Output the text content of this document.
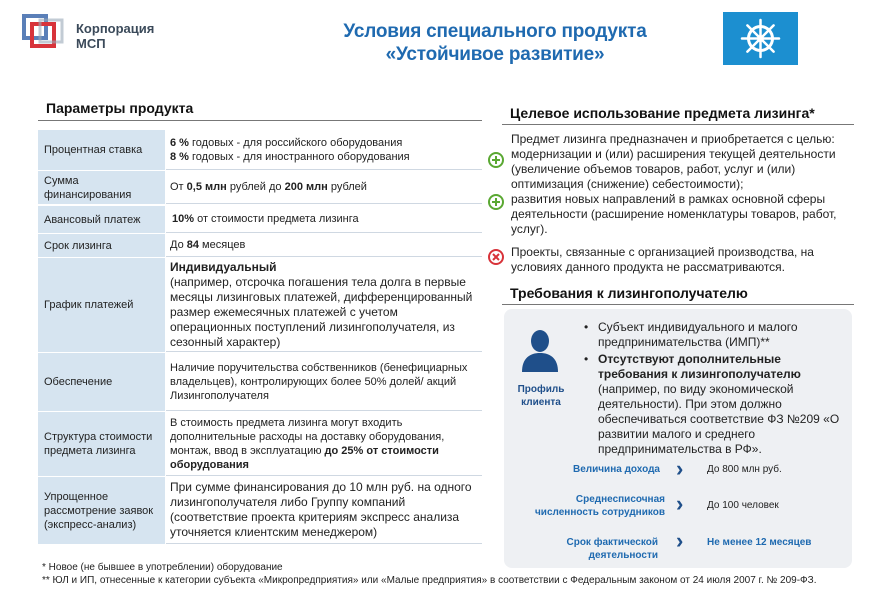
Корпорация
МСП
Условия специального продукта
«Устойчивое развитие»
Параметры продукта
Процентная ставка
6 % годовых - для российского оборудования
8 % годовых - для иностранного оборудования
Сумма финансирования
От 0,5 млн рублей до 200 млн рублей
Авансовый платеж	10% от стоимости предмета лизинга
Срок лизинга	До 84 месяцев
График платежей
Индивидуальный
(например, отсрочка погашения тела долга в первые месяцы лизинговых платежей, дифференцированный размер ежемесячных платежей с учетом операционных поступлений лизингополучателя, из сезонный характер)
Обеспечение
Наличие поручительства собственников (бенефициарных владельцев), контролирующих более 50% долей/ акций Лизингополучателя
Структура стоимости предмета лизинга
В стоимость предмета лизинга могут входить дополнительные расходы на доставку оборудования, монтаж, ввод в эксплуатацию до 25% от стоимости оборудования
Упрощенное рассмотрение заявок (экспресс-анализ)
При сумме финансирования до 10 млн руб. на одного лизингополучателя либо Группу компаний (соответствие проекта критериям экспресс анализа уточняется клиентским менеджером)
Целевое использование предмета лизинга*
Предмет лизинга предназначен и приобретается с целью:
модернизации и (или) расширения текущей деятельности (увеличение объемов товаров, работ, услуг и (или) оптимизация (снижение) себестоимости);
развития новых направлений в рамках основной сферы деятельности (расширение номенклатуры товаров, работ, услуг).
Проекты, связанные с организацией производства, на условиях данного продукта не рассматриваются.
Требования к лизингополучателю
Профиль клиента
• Субъект индивидуального и малого предпринимательства (ИМП)**
• Отсутствуют дополнительные требования к лизингополучателю (например, по виду экономической деятельности). При этом должно обеспечиваться соответствие ФЗ №209 «О развитии малого и среднего предпринимательства в РФ».
Величина дохода › До 800 млн руб.
Среднесписочная численность сотрудников › До 100 человек
Срок фактической деятельности
› Не менее 12 месяцев
* Новое (не бывшее в употреблении) оборудование
** ЮЛ и ИП, отнесенные к категории субъекта «Микропредприятия» или «Малые предприятия» в соответствии с Федеральным законом от 24 июля 2007 г. № 209-ФЗ.
